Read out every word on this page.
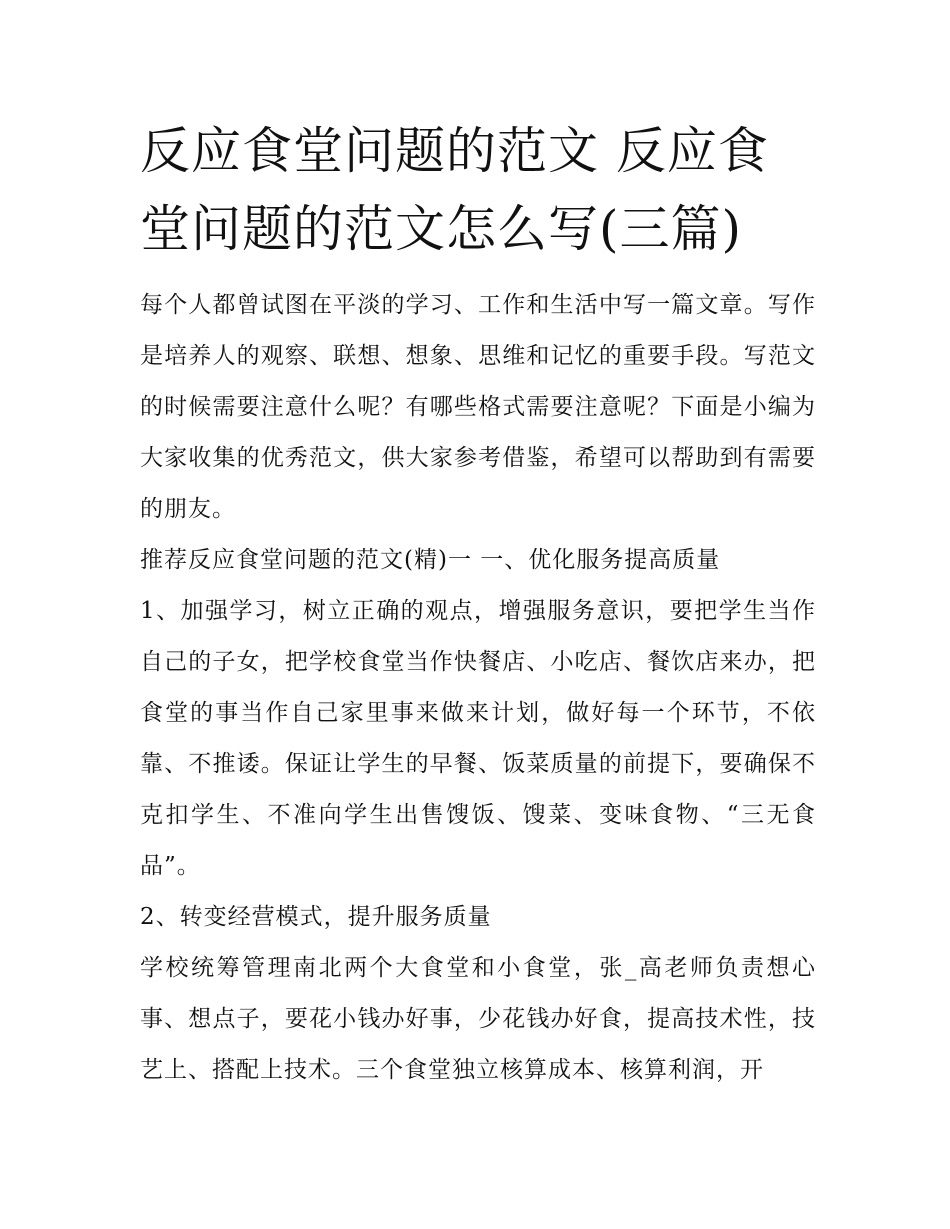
反应食堂问题的范文 反应食堂问题的范文怎么写(三篇)

每个人都曾试图在平淡的学习、工作和生活中写一篇文章。写作是培养人的观察、联想、想象、思维和记忆的重要手段。写范文的时候需要注意什么呢？有哪些格式需要注意呢？下面是小编为大家收集的优秀范文，供大家参考借鉴，希望可以帮助到有需要的朋友。

推荐反应食堂问题的范文(精)一 一、优化服务提高质量

1、加强学习，树立正确的观点，增强服务意识，要把学生当作自己的子女，把学校食堂当作快餐店、小吃店、餐饮店来办，把食堂的事当作自己家里事来做来计划，做好每一个环节，不依靠、不推诿。保证让学生的早餐、饭菜质量的前提下，要确保不克扣学生、不准向学生出售馊饭、馊菜、变味食物、“三无食品”。

2、转变经营模式，提升服务质量

学校统筹管理南北两个大食堂和小食堂，张_高老师负责想心事、想点子，要花小钱办好事，少花钱办好食，提高技术性，技艺上、搭配上技术。三个食堂独立核算成本、核算利润，开
